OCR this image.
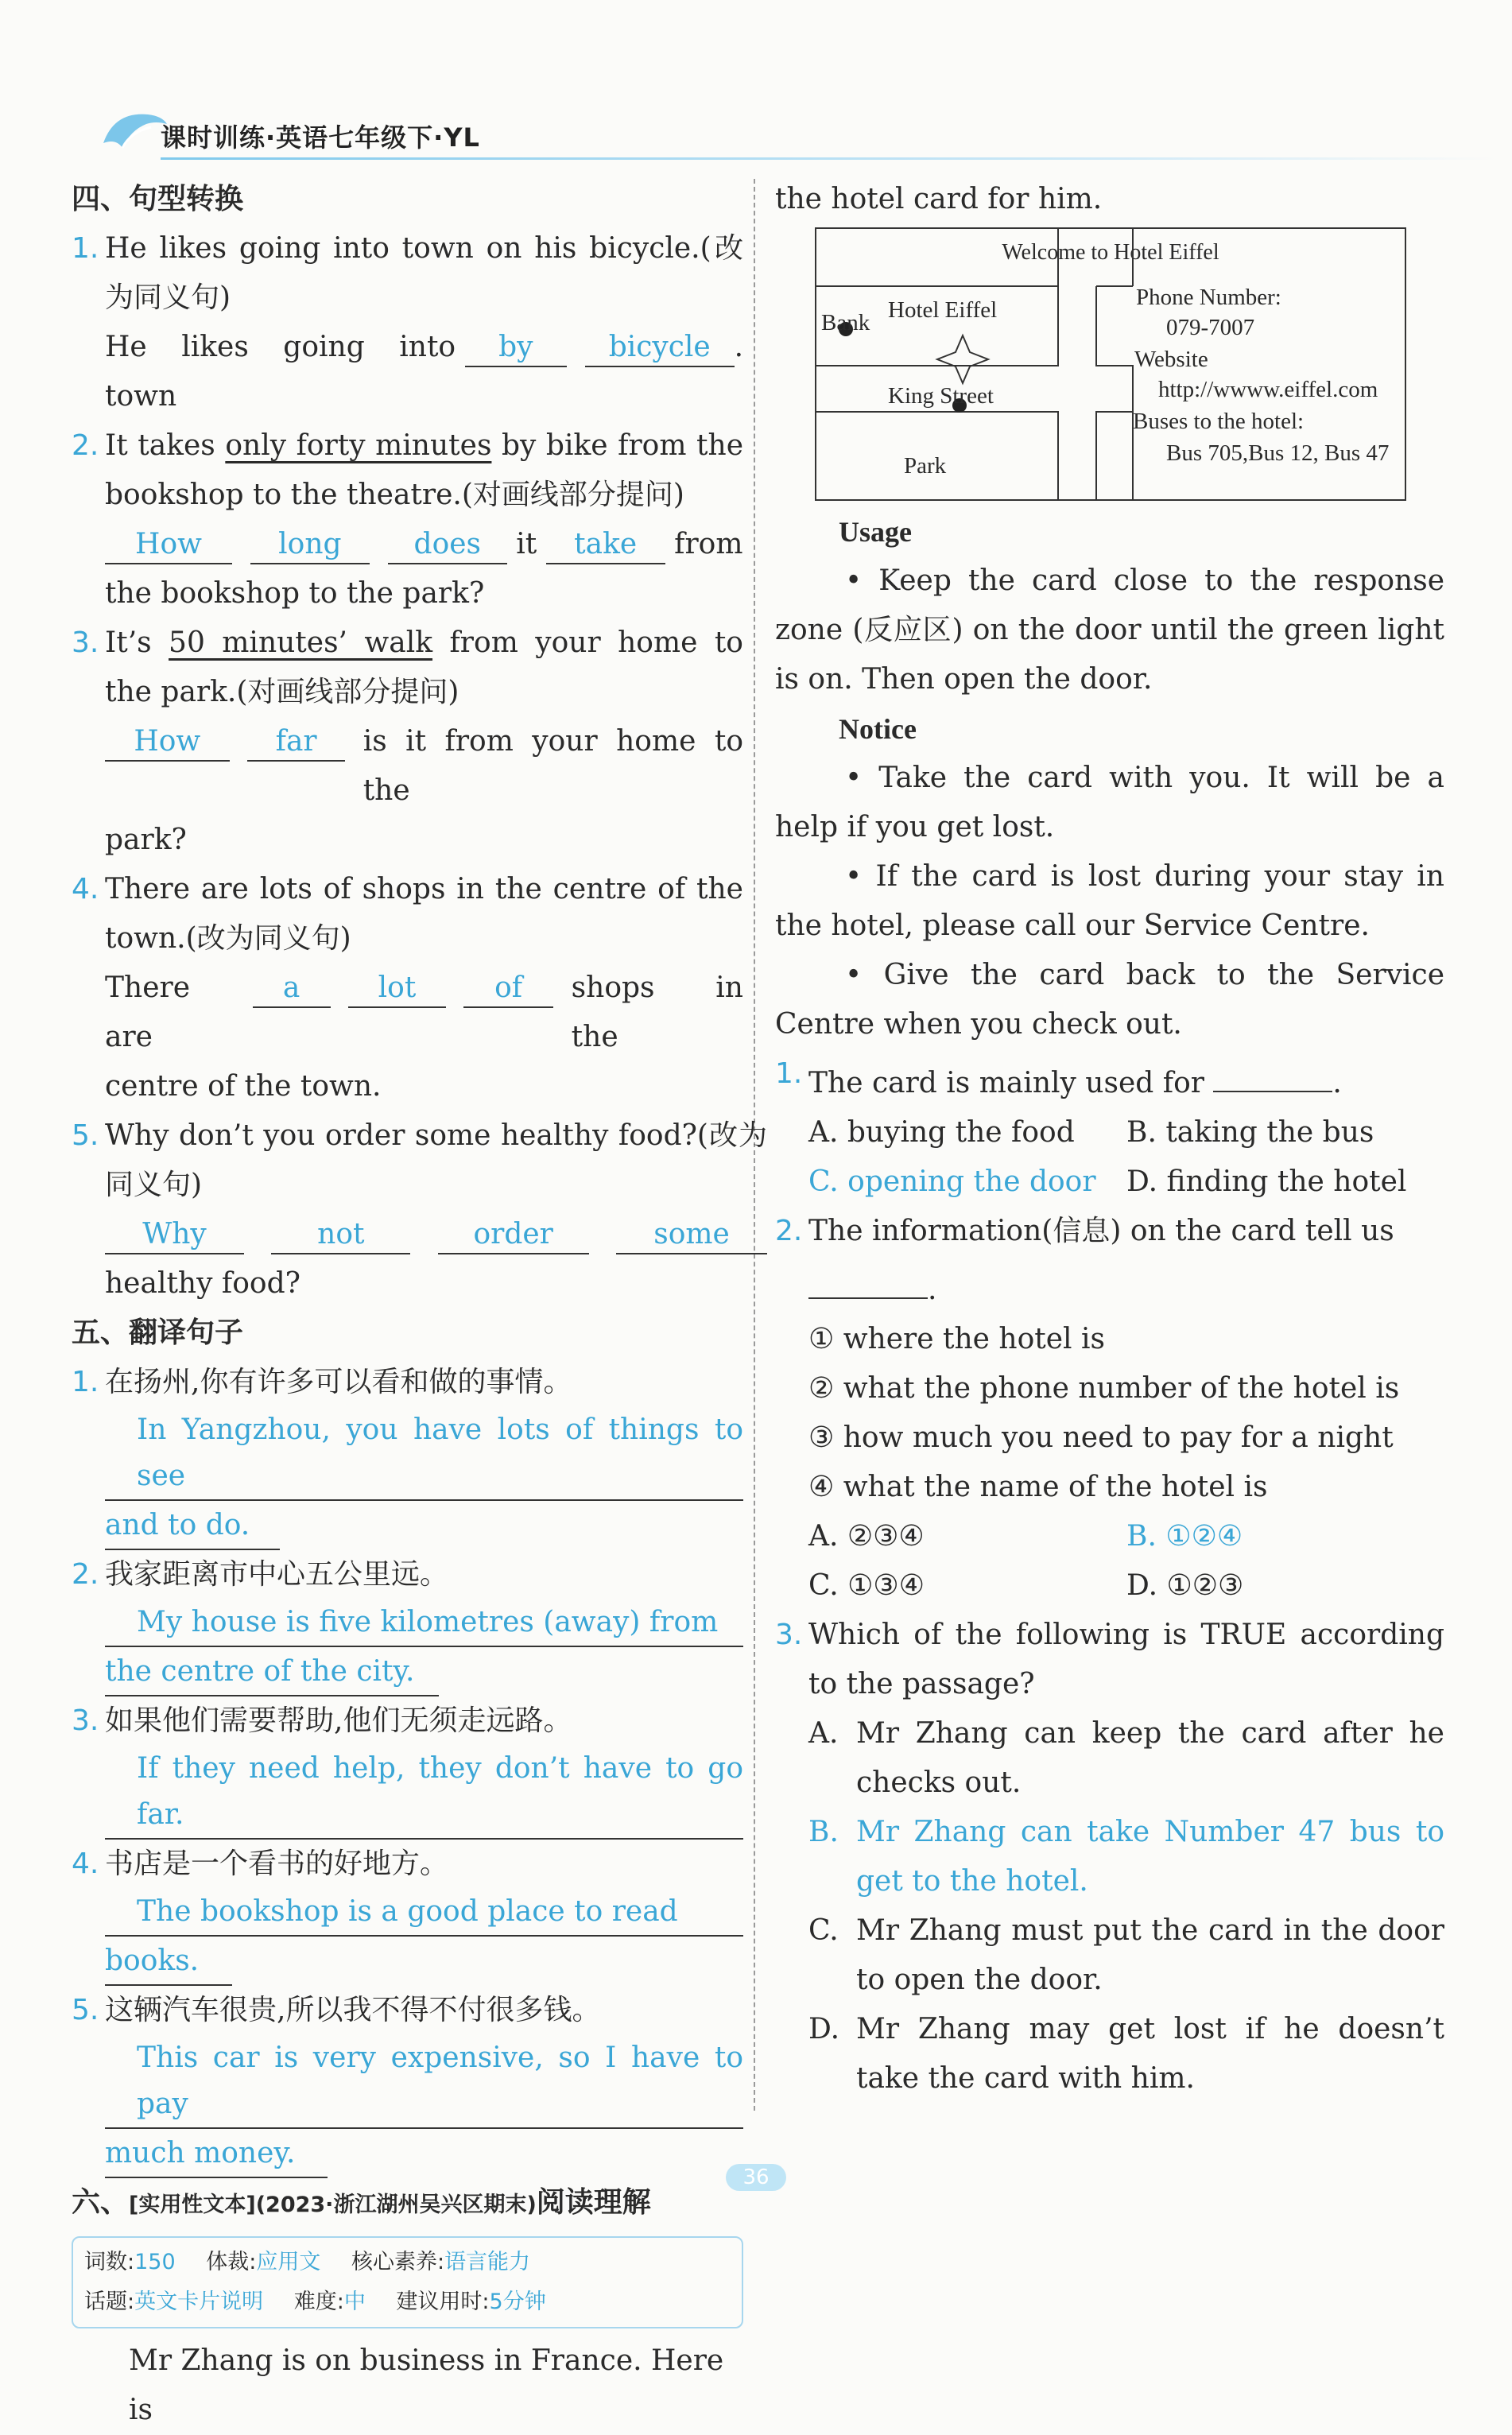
课时训练·英语七年级下·YL
四、句型转换
1. He likes going into town on his bicycle.(改为同义句)
He likes going into town

by
	bicycle .
2. It takes only forty minutes by bike from the bookshop to the theatre.(对画线部分提问)
How
	long
	does
	it
	take
	from
the bookshop to the park?
3. It’s 50 minutes’ walk from your home to the park.(对画线部分提问)
How
	far
	is it from your home to the
park?
4. There are lots of shops in the centre of the town.(改为同义句)
There are

a
	lot
	of
	shops in the
centre of the town.
5. Why don’t you order some healthy food?(改为同义句)
Why
	not
	order
	some
healthy food?
五、翻译句子
1. 在扬州,你有许多可以看和做的事情。
In Yangzhou, you have lots of things to see
and to do.
2. 我家距离市中心五公里远。
My house is five kilometres (away) from
the centre of the city.
3. 如果他们需要帮助,他们无须走远路。
If they need help, they don’t have to go far.
4. 书店是一个看书的好地方。
The bookshop is a good place to read
books.
5. 这辆汽车很贵,所以我不得不付很多钱。
This car is very expensive, so I have to pay
much money.
六、[实用性文本](2023·浙江湖州吴兴区期末)阅读理解
词数:150 体裁:应用文 核心素养:语言能力
话题:英文卡片说明 难度:中 建议用时:5分钟
Mr Zhang is on business in France. Here is
the hotel card for him.
Welcome to Hotel Eiffel
Bank Hotel Eiffel
King Street
Park
Phone Number:
079-7007
Website
http://wwww.eiffel.com
Buses to the hotel:
Bus 705,Bus 12, Bus 47
Usage
• Keep the card close to the response zone (反应区) on the door until the green light is on. Then open the door.
Notice
• Take the card with you. It will be a help if you get lost.
• If the card is lost during your stay in the hotel, please call our Service Centre.
• Give the card back to the Service Centre when you check out.
1. The card is mainly used for	.
A. buying the food	B. taking the bus
C. opening the door	D. finding the hotel
2. The information(信息) on the card tell us
.
① where the hotel is
② what the phone number of the hotel is
③ how much you need to pay for a night
④ what the name of the hotel is
A. ②③④	B. ①②④
C. ①③④	D. ①②③
3. Which of the following is TRUE according to the passage?
A. Mr Zhang can keep the card after he checks out.
B. Mr Zhang can take Number 47 bus to get to the hotel.
C. Mr Zhang must put the card in the door to open the door.
D. Mr Zhang may get lost if he doesn’t take the card with him.
36
